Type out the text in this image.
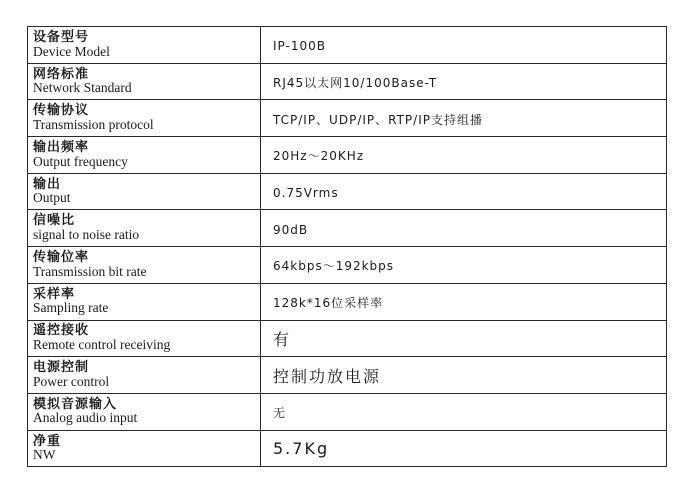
设备型号
Device Model	IP-100B

网络标准
Network Standard	RJ45以太网10/100Base-T

传输协议
Transmission protocol	TCP/IP、UDP/IP、RTP/IP支持组播

输出频率
Output frequency	20Hz～20KHz

输出
Output	0.75Vrms

信噪比
signal to noise ratio	90dB

传输位率
Transmission bit rate	64kbps～192kbps

采样率
Sampling rate	128k*16位采样率

遥控接收
Remote control receiving	有

电源控制
Power control	控制功放电源

模拟音源输入
Analog audio input	无

净重
NW	5.7Kg
